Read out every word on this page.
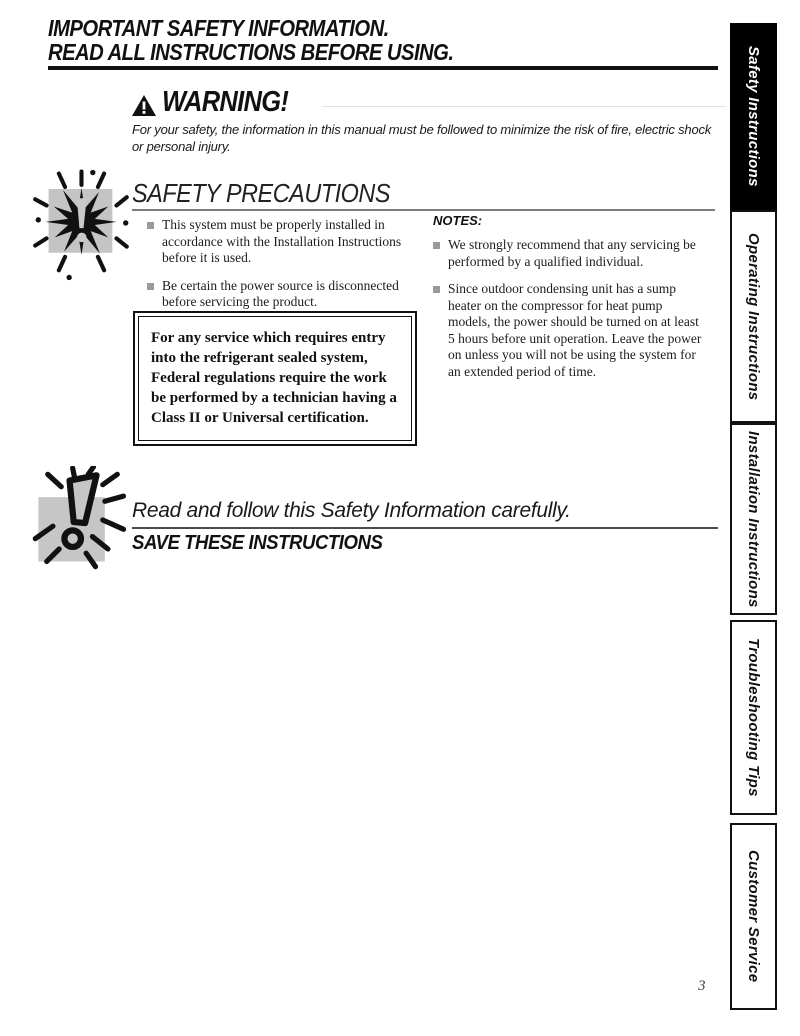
IMPORTANT SAFETY INFORMATION.
READ ALL INSTRUCTIONS BEFORE USING.
WARNING!

For your safety, the information in this manual must be followed to minimize the risk of fire, electric shock or personal injury.

SAFETY PRECAUTIONS

This system must be properly installed in accordance with the Installation Instructions before it is used.

Be certain the power source is disconnected before servicing the product.

For any service which requires entry into the refrigerant sealed system, Federal regulations require the work be performed by a technician having a Class II or Universal certification.
NOTES:

We strongly recommend that any servicing be performed by a qualified individual.

Since outdoor condensing unit has a sump heater on the compressor for heat pump models, the power should be turned on at least 5 hours before unit operation. Leave the power on unless you will not be using the system for an extended period of time.

Read and follow this Safety Information carefully.
SAVE THESE INSTRUCTIONS
3
Safety Instructions
Operating Instructions
Installation Instructions
Troubleshooting Tips
Customer Service
